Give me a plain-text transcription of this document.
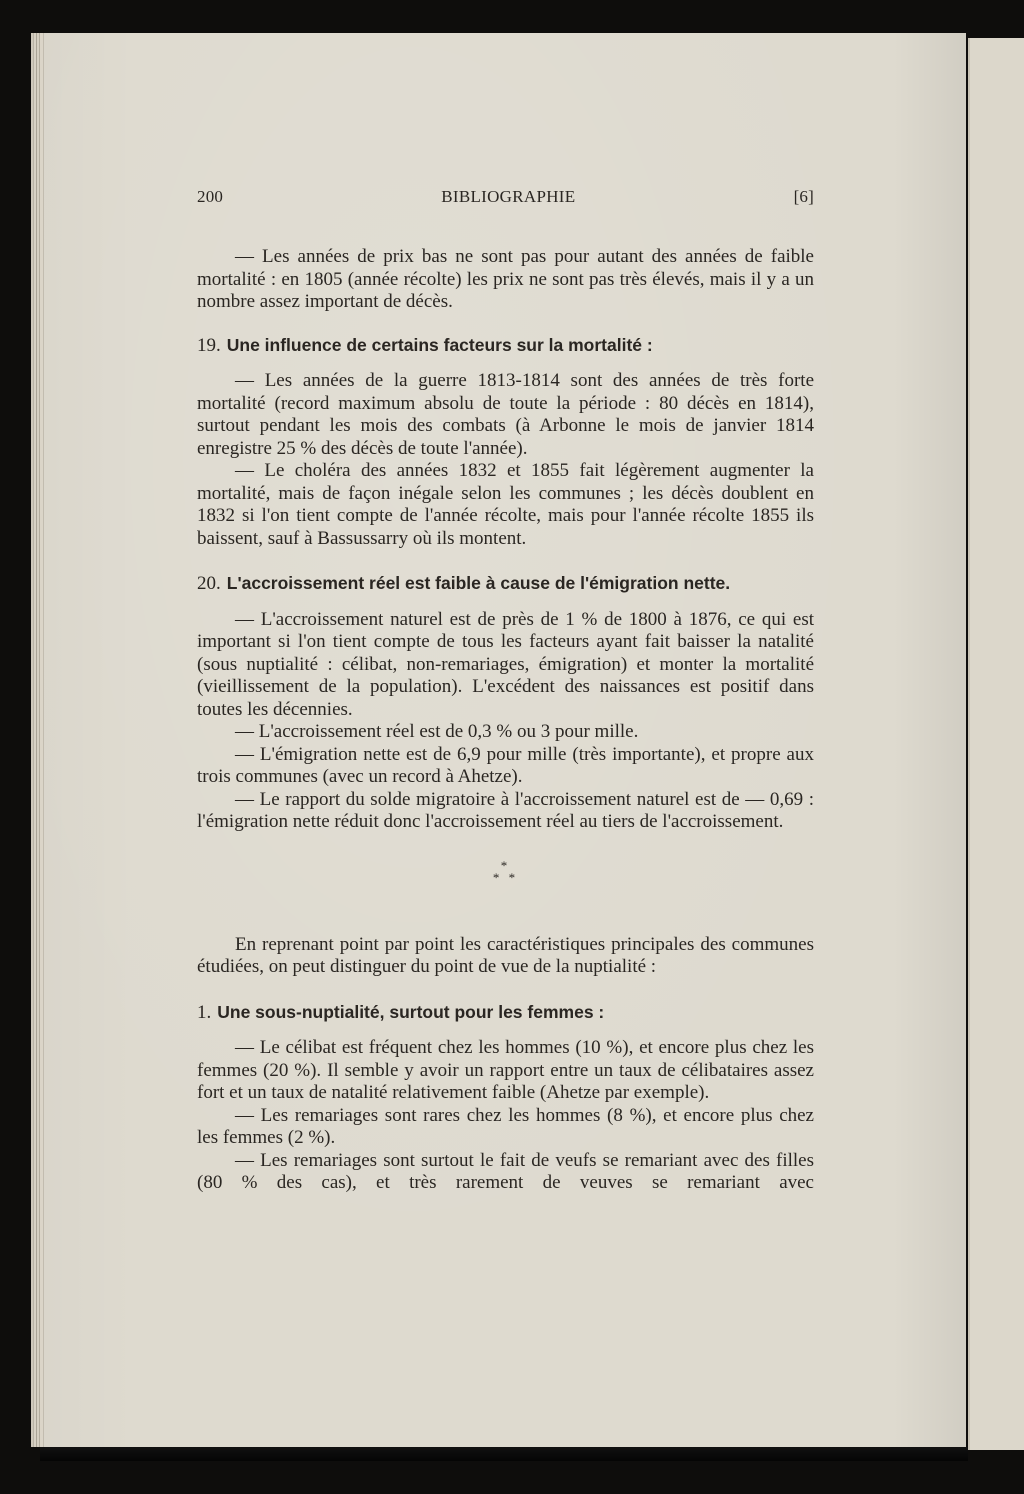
200	BIBLIOGRAPHIE	[6]

— Les années de prix bas ne sont pas pour autant des années de faible mortalité : en 1805 (année récolte) les prix ne sont pas très élevés, mais il y a un nombre assez important de décès.

19. Une influence de certains facteurs sur la mortalité :

— Les années de la guerre 1813-1814 sont des années de très forte mortalité (record maximum absolu de toute la période : 80 décès en 1814), surtout pendant les mois des combats (à Arbonne le mois de janvier 1814 enregistre 25 % des décès de toute l'année).

— Le choléra des années 1832 et 1855 fait légèrement augmenter la mortalité, mais de façon inégale selon les communes ; les décès doublent en 1832 si l'on tient compte de l'année récolte, mais pour l'année récolte 1855 ils baissent, sauf à Bassussarry où ils montent.

20. L'accroissement réel est faible à cause de l'émigration nette.

— L'accroissement naturel est de près de 1 % de 1800 à 1876, ce qui est important si l'on tient compte de tous les facteurs ayant fait baisser la natalité (sous nuptialité : célibat, non-remariages, émigration) et monter la mortalité (vieillissement de la population). L'excédent des naissances est positif dans toutes les décennies.

— L'accroissement réel est de 0,3 % ou 3 pour mille.

— L'émigration nette est de 6,9 pour mille (très importante), et propre aux trois communes (avec un record à Ahetze).

— Le rapport du solde migratoire à l'accroissement naturel est de — 0,69 : l'émigration nette réduit donc l'accroissement réel au tiers de l'accroissement.

*
* *

En reprenant point par point les caractéristiques principales des communes étudiées, on peut distinguer du point de vue de la nuptialité :

1. Une sous-nuptialité, surtout pour les femmes :

— Le célibat est fréquent chez les hommes (10 %), et encore plus chez les femmes (20 %). Il semble y avoir un rapport entre un taux de célibataires assez fort et un taux de natalité relativement faible (Ahetze par exemple).

— Les remariages sont rares chez les hommes (8 %), et encore plus chez les femmes (2 %).

— Les remariages sont surtout le fait de veufs se remariant avec des filles (80 % des cas), et très rarement de veuves se remariant avec
